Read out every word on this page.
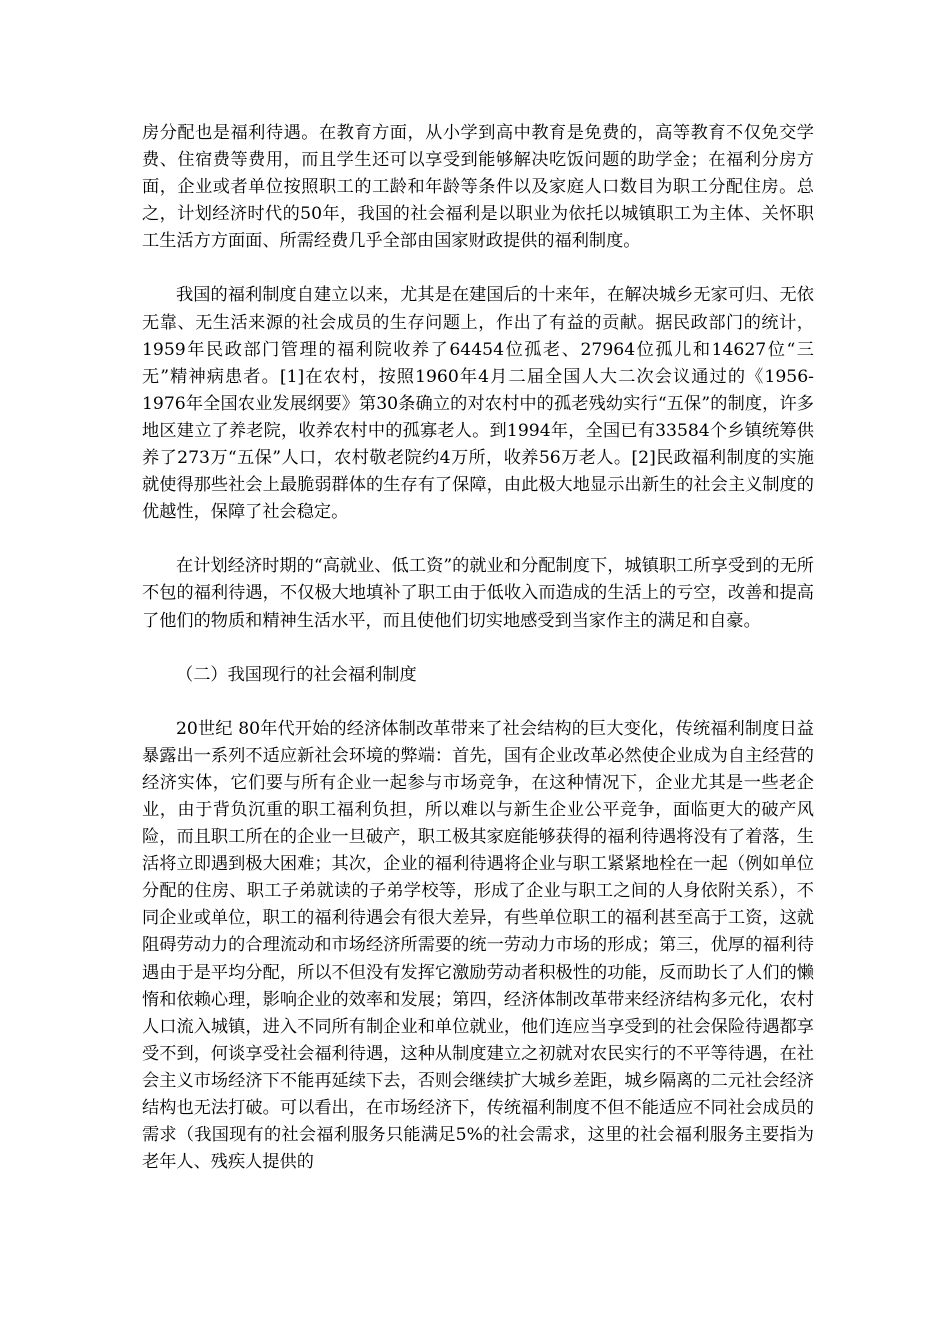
房分配也是福利待遇。在教育方面，从小学到高中教育是免费的，高等教育不仅免交学费、住宿费等费用，而且学生还可以享受到能够解决吃饭问题的助学金；在福利分房方面，企业或者单位按照职工的工龄和年龄等条件以及家庭人口数目为职工分配住房。总之，计划经济时代的50年，我国的社会福利是以职业为依托以城镇职工为主体、关怀职工生活方方面面、所需经费几乎全部由国家财政提供的福利制度。

我国的福利制度自建立以来，尤其是在建国后的十来年，在解决城乡无家可归、无依无靠、无生活来源的社会成员的生存问题上，作出了有益的贡献。据民政部门的统计，1959年民政部门管理的福利院收养了64454位孤老、27964位孤儿和14627位“三无”精神病患者。[1]在农村，按照1960年4月二届全国人大二次会议通过的《1956-1976年全国农业发展纲要》第30条确立的对农村中的孤老残幼实行“五保”的制度，许多地区建立了养老院，收养农村中的孤寡老人。到1994年，全国已有33584个乡镇统筹供养了273万“五保”人口，农村敬老院约4万所，收养56万老人。[2]民政福利制度的实施就使得那些社会上最脆弱群体的生存有了保障，由此极大地显示出新生的社会主义制度的优越性，保障了社会稳定。

在计划经济时期的“高就业、低工资”的就业和分配制度下，城镇职工所享受到的无所不包的福利待遇，不仅极大地填补了职工由于低收入而造成的生活上的亏空，改善和提高了他们的物质和精神生活水平，而且使他们切实地感受到当家作主的满足和自豪。

（二）我国现行的社会福利制度

20世纪 80年代开始的经济体制改革带来了社会结构的巨大变化，传统福利制度日益暴露出一系列不适应新社会环境的弊端：首先，国有企业改革必然使企业成为自主经营的经济实体，它们要与所有企业一起参与市场竞争，在这种情况下，企业尤其是一些老企业，由于背负沉重的职工福利负担，所以难以与新生企业公平竞争，面临更大的破产风险，而且职工所在的企业一旦破产，职工极其家庭能够获得的福利待遇将没有了着落，生活将立即遇到极大困难；其次，企业的福利待遇将企业与职工紧紧地栓在一起（例如单位分配的住房、职工子弟就读的子弟学校等，形成了企业与职工之间的人身依附关系），不同企业或单位，职工的福利待遇会有很大差异，有些单位职工的福利甚至高于工资，这就阻碍劳动力的合理流动和市场经济所需要的统一劳动力市场的形成；第三，优厚的福利待遇由于是平均分配，所以不但没有发挥它激励劳动者积极性的功能，反而助长了人们的懒惰和依赖心理，影响企业的效率和发展；第四，经济体制改革带来经济结构多元化，农村人口流入城镇，进入不同所有制企业和单位就业，他们连应当享受到的社会保险待遇都享受不到，何谈享受社会福利待遇，这种从制度建立之初就对农民实行的不平等待遇，在社会主义市场经济下不能再延续下去，否则会继续扩大城乡差距，城乡隔离的二元社会经济结构也无法打破。可以看出，在市场经济下，传统福利制度不但不能适应不同社会成员的需求（我国现有的社会福利服务只能满足5%的社会需求，这里的社会福利服务主要指为老年人、残疾人提供的
